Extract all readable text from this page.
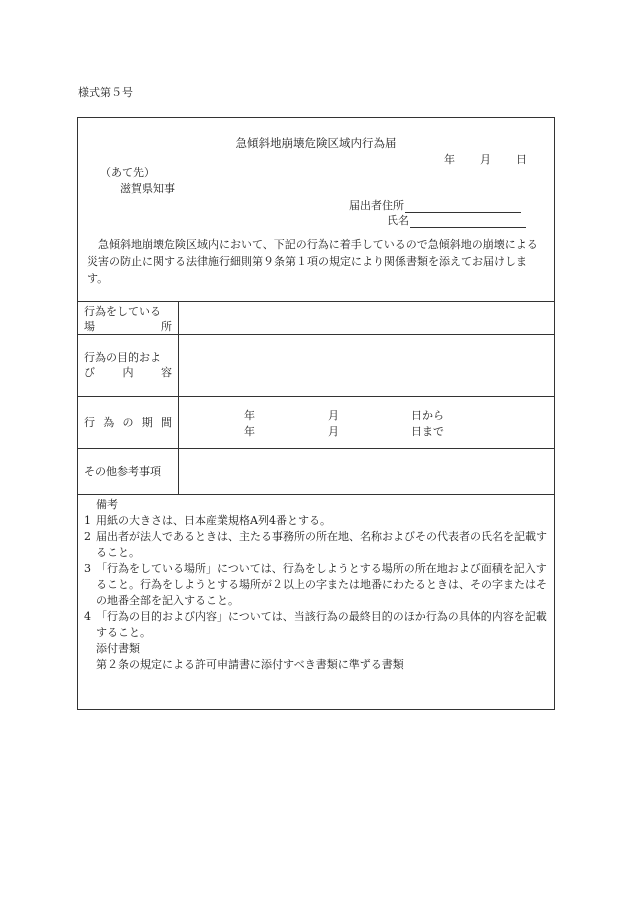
様式第５号
急傾斜地崩壊危険区域内行為届
年 月 日
（あて先）
滋賀県知事
届出者住所
氏名
急傾斜地崩壊危険区域内において、下記の行為に着手しているので急傾斜地の崩壊による災害の防止に関する法律施行細則第９条第１項の規定により関係書類を添えてお届けします。
行為をしている
場	所
行為の目的およ
び	内	容
行 為 の 期 間
年	月	日から
年	月	日まで
その他参考事項
備考
1 用紙の大きさは、日本産業規格A列4番とする。
2 届出者が法人であるときは、主たる事務所の所在地、名称およびその代表者の氏名を記載すること。
3 「行為をしている場所」については、行為をしようとする場所の所在地および面積を記入すること。行為をしようとする場所が２以上の字または地番にわたるときは、その字またはその地番全部を記入すること。
4 「行為の目的および内容」については、当該行為の最終目的のほか行為の具体的内容を記載すること。
添付書類
第２条の規定による許可申請書に添付すべき書類に準ずる書類
